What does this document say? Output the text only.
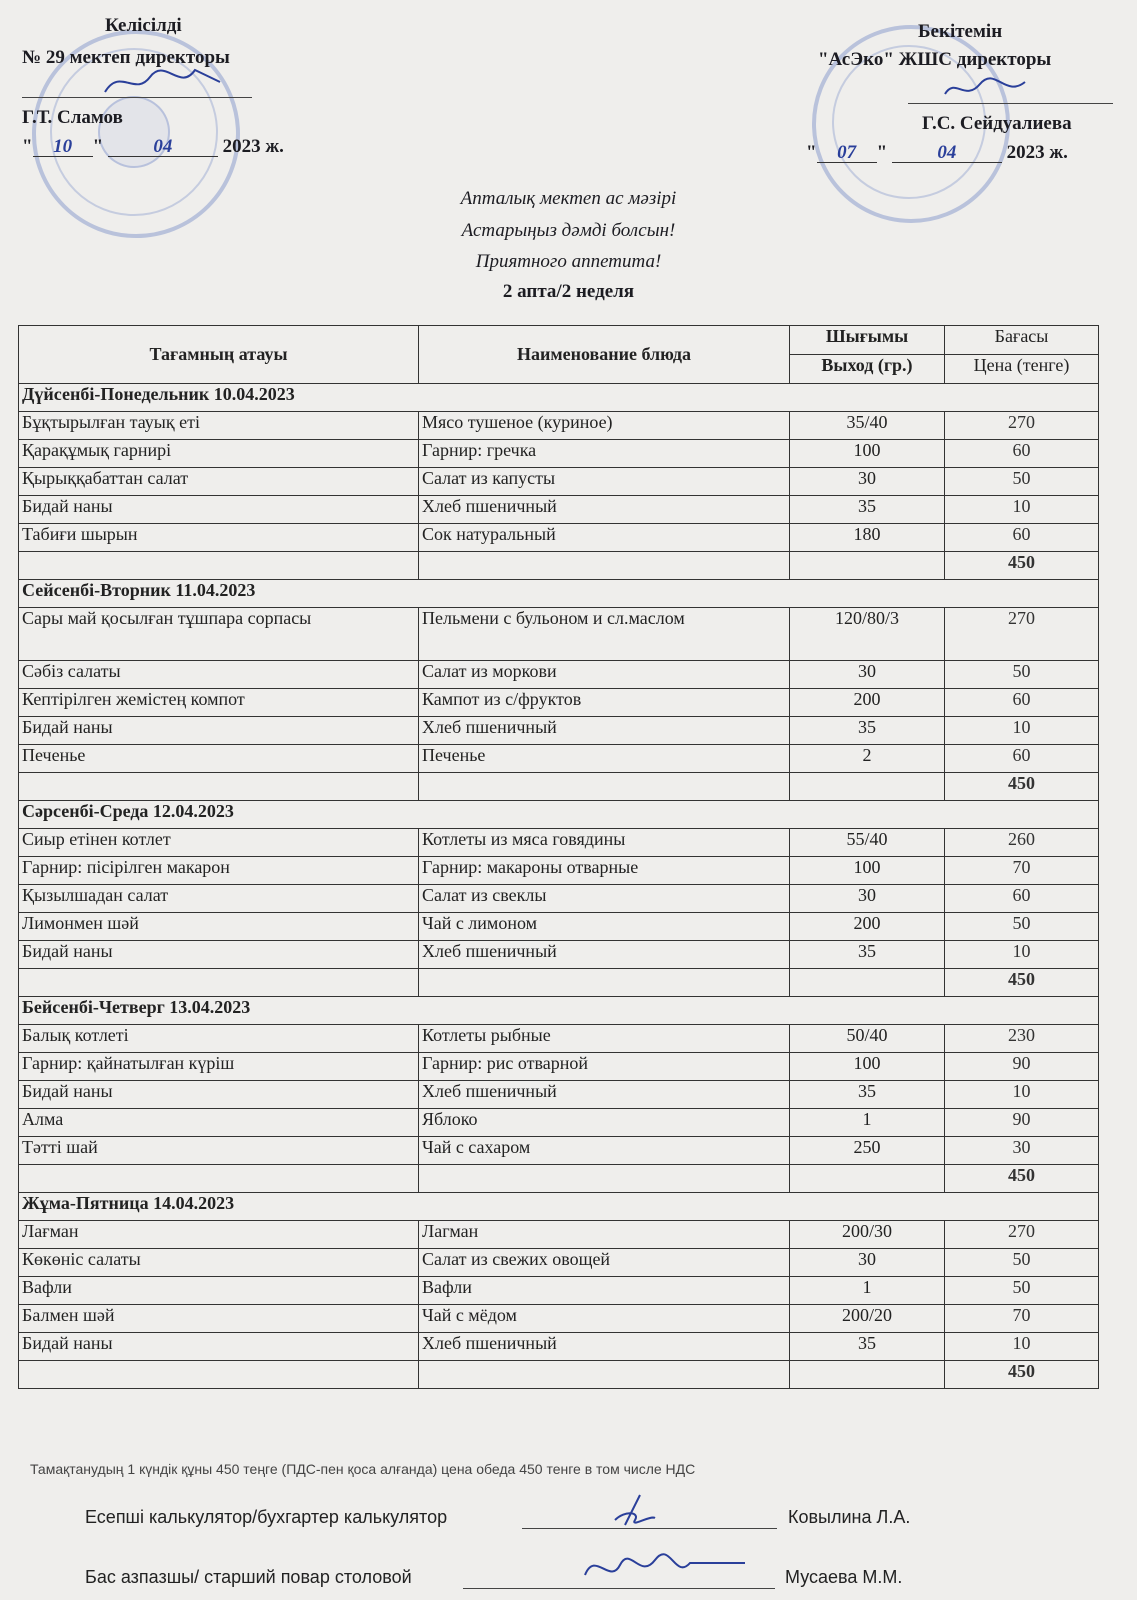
Келісілді
№ 29 мектеп директоры
Г.Т. Сламов
" 10 " 04	2023 ж.
Бекітемін
"АсЭко" ЖШС директоры
Г.С. Сейдуалиева
" 07 " 04	2023 ж.
Апталық мектеп ас мәзірі
Астарыңыз дәмді болсын!
Приятного аппетита!
2 апта/2 неделя
Тағамның атауы	Наименование блюда	Шығымы	Бағасы
		Выход (гр.)	Цена (тенге)
Дүйсенбі-Понедельник 10.04.2023			
Бұқтырылған тауық еті	Мясо тушеное (куриное)	35/40	270
Қарақұмық гарнирі	Гарнир: гречка	100	60
Қырыққабаттан салат	Салат из капусты	30	50
Бидай наны	Хлеб пшеничный	35	10
Табиғи шырын	Сок натуральный	180	60
			450
Сейсенбі-Вторник 11.04.2023			
Сары май қосылған тұшпара сорпасы	Пельмени с бульоном и сл.маслом	120/80/3	270
Сәбіз салаты	Салат из моркови	30	50
Кептірілген жемістең компот	Кампот из с/фруктов	200	60
Бидай наны	Хлеб пшеничный	35	10
Печенье	Печенье	2	60
			450
Сәрсенбі-Среда 12.04.2023			
Сиыр етінен котлет	Котлеты из мяса говядины	55/40	260
Гарнир: пісірілген макарон	Гарнир: макароны отварные	100	70
Қызылшадан салат	Салат из свеклы	30	60
Лимонмен шәй	Чай с лимоном	200	50
Бидай наны	Хлеб пшеничный	35	10
			450
Бейсенбі-Четверг 13.04.2023			
Балық котлеті	Котлеты рыбные	50/40	230
Гарнир: қайнатылған күріш	Гарнир: рис отварной	100	90
Бидай наны	Хлеб пшеничный	35	10
Алма	Яблоко	1	90
Тәтті шай	Чай с сахаром	250	30
			450
Жұма-Пятница 14.04.2023			
Лағман	Лагман	200/30	270
Көкөніс салаты	Салат из свежих овощей	30	50
Вафли	Вафли	1	50
Балмен шәй	Чай с мёдом	200/20	70
Бидай наны	Хлеб пшеничный	35	10
			450
Тамақтанудың 1 күндік құны 450 теңге (ПДС-пен қоса алғанда) цена обеда 450 тенге в том числе НДС
Есепші калькулятор/бухгартер калькулятор	Ковылина Л.А.
Бас азпазшы/ старший повар столовой	Мусаева М.М.
